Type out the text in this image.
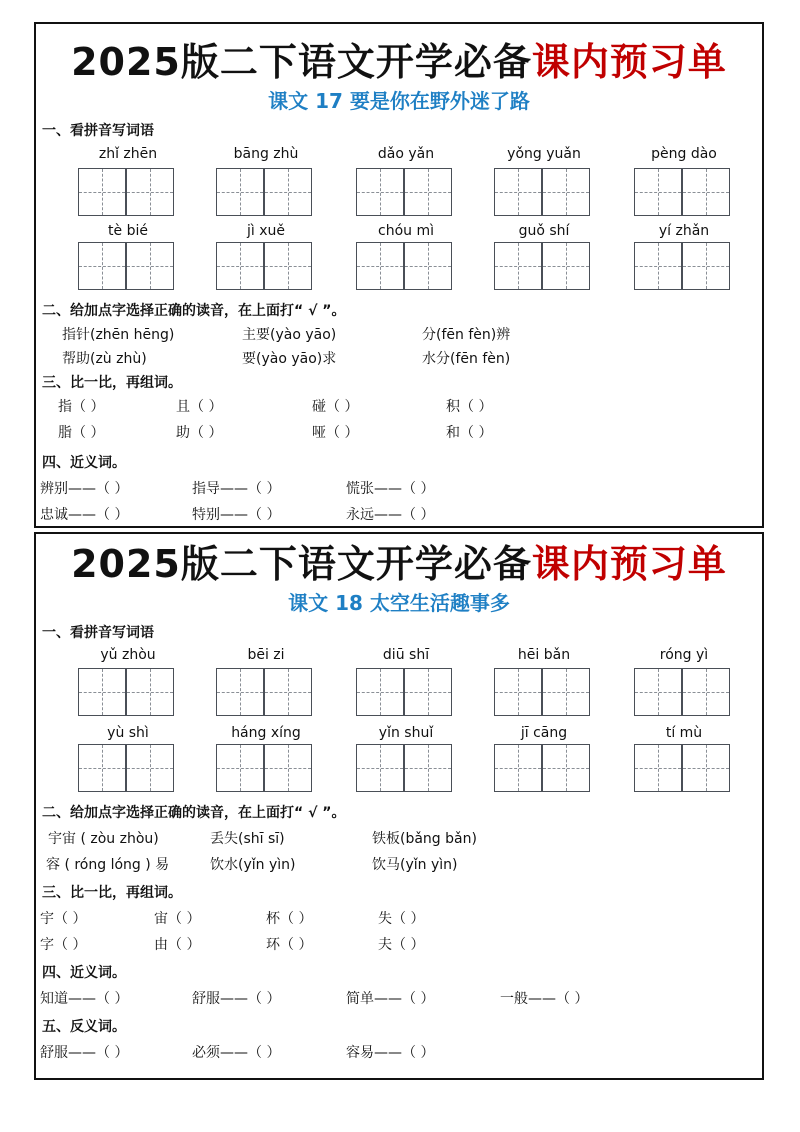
2025版二下语文开学必备课内预习单
课文 17 要是你在野外迷了路
一、看拼音写词语
zhǐ zhēn	bāng zhù	dǎo yǎn	yǒng yuǎn	pèng dào
tè bié	jì xuě	chóu mì	guǒ shí	yí zhǎn
二、给加点字选择正确的读音，在上面打“ √ ”。
指针(zhēn hēng)	主要(yào yāo)	分(fēn fèn)辨
帮助(zù zhù)	要(yào yāo)求	水分(fēn fèn)
三、比一比，再组词。
指（ ）	且（ ）	碰（ ）	积（ ）
脂（ ）	助（ ）	哑（ ）	和（ ）
四、近义词。
辨别——（ ）	指导——（ ）	慌张——（ ）
忠诚——（ ）	特别——（ ）	永远——（ ）
2025版二下语文开学必备课内预习单
课文 18 太空生活趣事多
一、看拼音写词语
yǔ zhòu	bēi zi	diū shī	hēi bǎn	róng yì
yù shì	háng xíng	yǐn shuǐ	jī cāng	tí mù
二、给加点字选择正确的读音，在上面打“ √ ”。
宇宙 ( zòu zhòu)	丢失(shī sī)	铁板(bǎng bǎn)
容 ( róng lóng ) 易	饮水(yǐn yìn)	饮马(yǐn yìn)
三、比一比，再组词。
宇（ ）	宙（ ）	杯（ ）	失（ ）
字（ ）	由（ ）	环（ ）	夫（ ）
四、近义词。
知道——（ ）	舒服——（ ）	简单——（ ）	一般——（ ）
五、反义词。
舒服——（ ）	必须——（ ）	容易——（ ）
